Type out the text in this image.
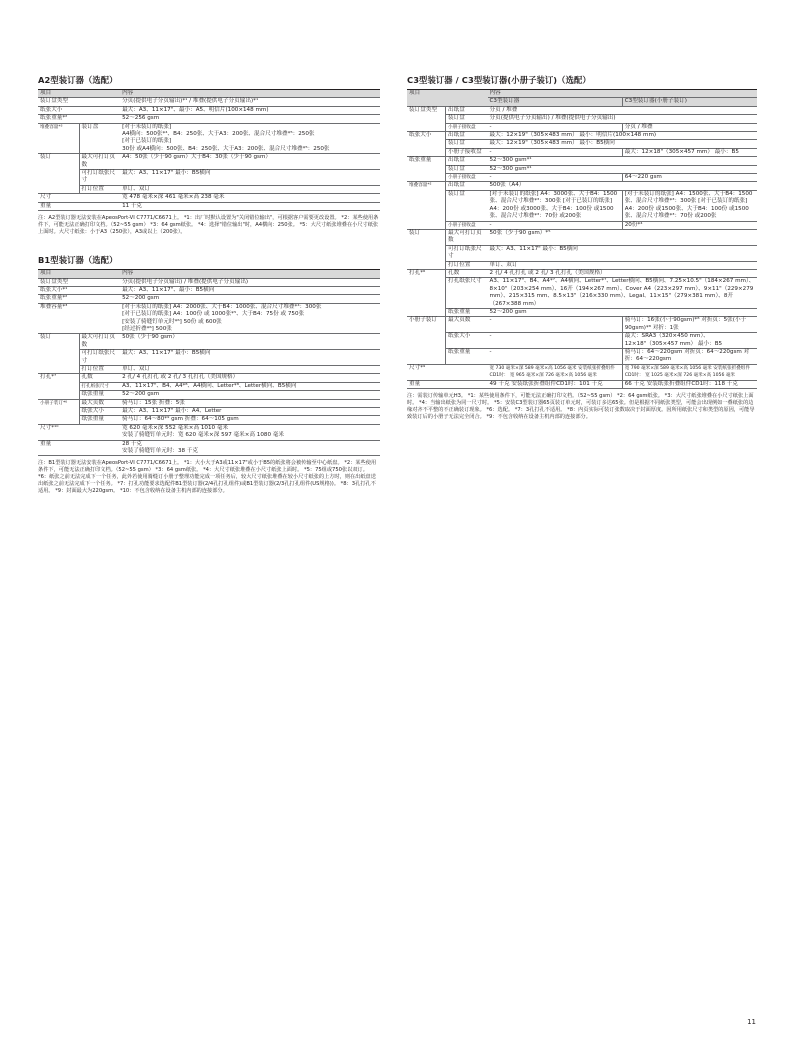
A2型装订器（选配）
项目		内容
装订盘类型		分页(提供电子分页输出)*¹ / 堆叠(提供电子分页输出)*¹
纸张大小		最大：A3、11×17"、最小：A5、明信片(100×148 mm)
纸张重量*²		52～256 gsm
堆叠容量*³	装订盘	[对于未装订的纸张]
A4横向：500张*⁴、B4：250张、大于A3：200张、混合尺寸堆叠*⁵：250张
[对于已装订的纸张]
30份 或A4横向：500张、B4：250张、大于A3：200张、混合尺寸堆叠*⁵：250张

装订	最大可打订页数	A4：50张（少于90 gsm）大于B4：30张（少于90 gsm）
	可打订纸张尺寸	最大：A3、11×17" 最小：B5横向
	打订位置	单订、双订
尺寸		宽 478 毫米×深 461 毫米×高 238 毫米
重量		11 千克

注：A2型装订器无法安装在ApeosPort-VI C7771/C6671上。 *1：出厂时默认设置为"关闭错位输出"，可根据客户需要更改设置。 *2：某些使用条件下，可能无法正确打印文档。（52~55 gsm） *3：64 gsm纸张。 *4：选择"错位输出"时，A4横向：250张。 *5：大尺寸纸张堆叠在小尺寸纸张上面时。大尺寸纸张：小于A3（250张），A3或以上（200张）。

B1型装订器（选配）
项目		内容
装订盘类型		分页(提供电子分页输出) / 堆叠(提供电子分页输出)
纸张大小*¹		最大：A3、11×17"、最小：B5横向
纸张重量*²		52～200 gsm
堆叠容量*³		[对于未装订的纸张] A4：2000张、大于B4：1000张、混合尺寸堆叠*⁴：300张
[对于已装订的纸张] A4：100份 或 1000张*⁵、大于B4：75份 或 750张
[安装了骑缝钉单元时*⁶] 50份 或 600张
[经过折叠*⁶] 500张

装订	最大可打订页数	50张（少于90 gsm）
	可打订纸张尺寸	最大：A3、11×17" 最小：B5横向
	打订位置	单订、双订
打孔*⁷	孔数	2 孔/ 4 孔打孔 或 2 孔/ 3 孔打孔（美国规格）
	打孔纸张尺寸	A3、11×17"、B4、A4*⁸、A4横向、Letter*⁸、Letter横向、B5横向
	纸张重量	52～200 gsm
小册子装订*⁶	最大页数	骑马订：15张 折叠：5张
	纸张大小	最大：A3、11×17" 最小：A4、Letter
	纸张重量	骑马订：64～80*⁹ gsm 折叠：64～105 gsm
尺寸*¹⁰		宽 620 毫米×深 552 毫米×高 1010 毫米
安装了骑缝钉单元时：宽 620 毫米×深 597 毫米×高 1080 毫米

重量		28 千克
安装了骑缝钉单元时：38 千克

注：B1型装订器无法安装在ApeosPort-VI C7771/C6671上。 *1：大小大于A3或11×17"或小于B5的纸张将会被传输至中心纸盘。 *2：某些使用条件下，可能无法正确打印文档。（52~55 gsm） *3：64 gsm纸张。 *4：大尺寸纸张堆叠在小尺寸纸张上面时。 *5：75组或750张以双订。 *6：纸张之前无法完成下一个任务，此外若使用骑缝订小册子整理功能完成一项任务后，较大尺寸纸张堆叠在较小尺寸纸张的上方时，则在出纸盘送出纸张之前无法完成下一个任务。 *7：打孔功能要求选配件B1型装订器(2/4孔打孔组件)或B1型装订器(2/3孔打孔组件(US规格))。 *8：3孔打孔不适用。 *9：封面最大为220gsm。 *10：不包含收纳在设备主机内部的连接部分。

C3型装订器 / C3型装订器(小册子装订)（选配）
项目		内容	
		C3型装订器	C3型装订器(小册子装订)
装订盘类型	出纸盘	分页 / 堆叠	
	装订盘	分页(提供电子分页输出) / 堆叠(提供电子分页输出)	
	小册子接收盘	-	分页 / 堆叠
纸张大小	出纸盘	最大：12×19"（305×483 mm） 最小：明信片(100×148 mm)	
	装订盘	最大：12×19"（305×483 mm） 最小：B5横向	
	小册子接收盘	-	最大：12×18"（305×457 mm） 最小：B5
纸张重量	出纸盘	52～300 gsm*¹	
	装订盘	52～300 gsm*¹	
	小册子接收盘	-	64～220 gsm
堆叠容量*²	出纸盘	500张（A4）	
	装订盘	[对于未装订的纸张] A4：3000张、大于B4：1500张、混合尺寸堆叠*³：300张 [对于已装订的纸张] A4：200份 或3000张、大于B4：100份 或1500张、混合尺寸堆叠*³：70份 或200张	[对于未装订的纸张] A4：1500张、大于B4：1500张、混合尺寸堆叠*³：300张 [对于已装订的纸张] A4：200份 或1500张、大于B4：100份 或1500张、混合尺寸堆叠*³：70份 或200张
	小册子接收盘	-	20份*⁴
装订	最大可打订页数	50张（少于90 gsm）*⁵	
	可打订纸张尺寸	最大：A3、11×17" 最小：B5横向	
	打订位置	单订、双订	
打孔*⁶	孔数	2 孔/ 4 孔打孔 或 2 孔/ 3 孔打孔（美国规格）	
	打孔纸张尺寸	A3、11×17"、B4、A4*⁷、A4横向、Letter*⁷、Letter横向、B5横向、7.25×10.5"（184×267 mm）、8×10"（203×254 mm）、16开（194×267 mm）、Cover A4（223×297 mm）、9×11"（229×279 mm）、215×315 mm、8.5×13"（216×330 mm）、Legal、11×15"（279×381 mm）、8开（267×388 mm）	
	纸张重量	52～200 gsm	
小册子装订	最大页数	-	骑马订：16张(小于90gsm)*⁸ 对折页：5张(小于90gsm)*⁸ 对折：1张
	纸张大小	-	最大：SRA3（320×450 mm）、12×18"（305×457 mm） 最小：B5
	纸张重量	-	骑马订：64～220gsm 对折页：64～220gsm 对折：64～220gsm
尺寸*⁹		宽 730 毫米×深 589 毫米×高 1056 毫米 安装纸张折叠组件CD1时： 宽 965 毫米×深 726 毫米×高 1056 毫米	宽 790 毫米×深 589 毫米×高 1056 毫米 安装纸张折叠组件CD1时： 宽 1025 毫米×深 726 毫米×高 1056 毫米
重量		49 千克 安装纸张折叠组件CD1时：101 千克	66 千克 安装纸张折叠组件CD1时：118 千克

注：需装订传输单元H3。 *1：某些使用条件下，可能无法正确打印文档。（52~55 gsm） *2：64 gsm纸张。 *3：大尺寸纸张堆叠在小尺寸纸张上面时。 *4：当输出纸张为同一尺寸时。 *5：安装C3型装订器65页装订单元时，可装订多达65张。但是根据不同纸张类型，可能会出现例如一叠纸张的边缘对齐不平整的不正确装订现象。 *6：选配。 *7：3孔打孔不适用。 *8：内页实际可装订张数取决于封面厚度。因所用纸张尺寸和类型的原因，可能导致装订后的小册子无法完全闭合。 *9：不包含收纳在设备主机内部的连接部分。

11
